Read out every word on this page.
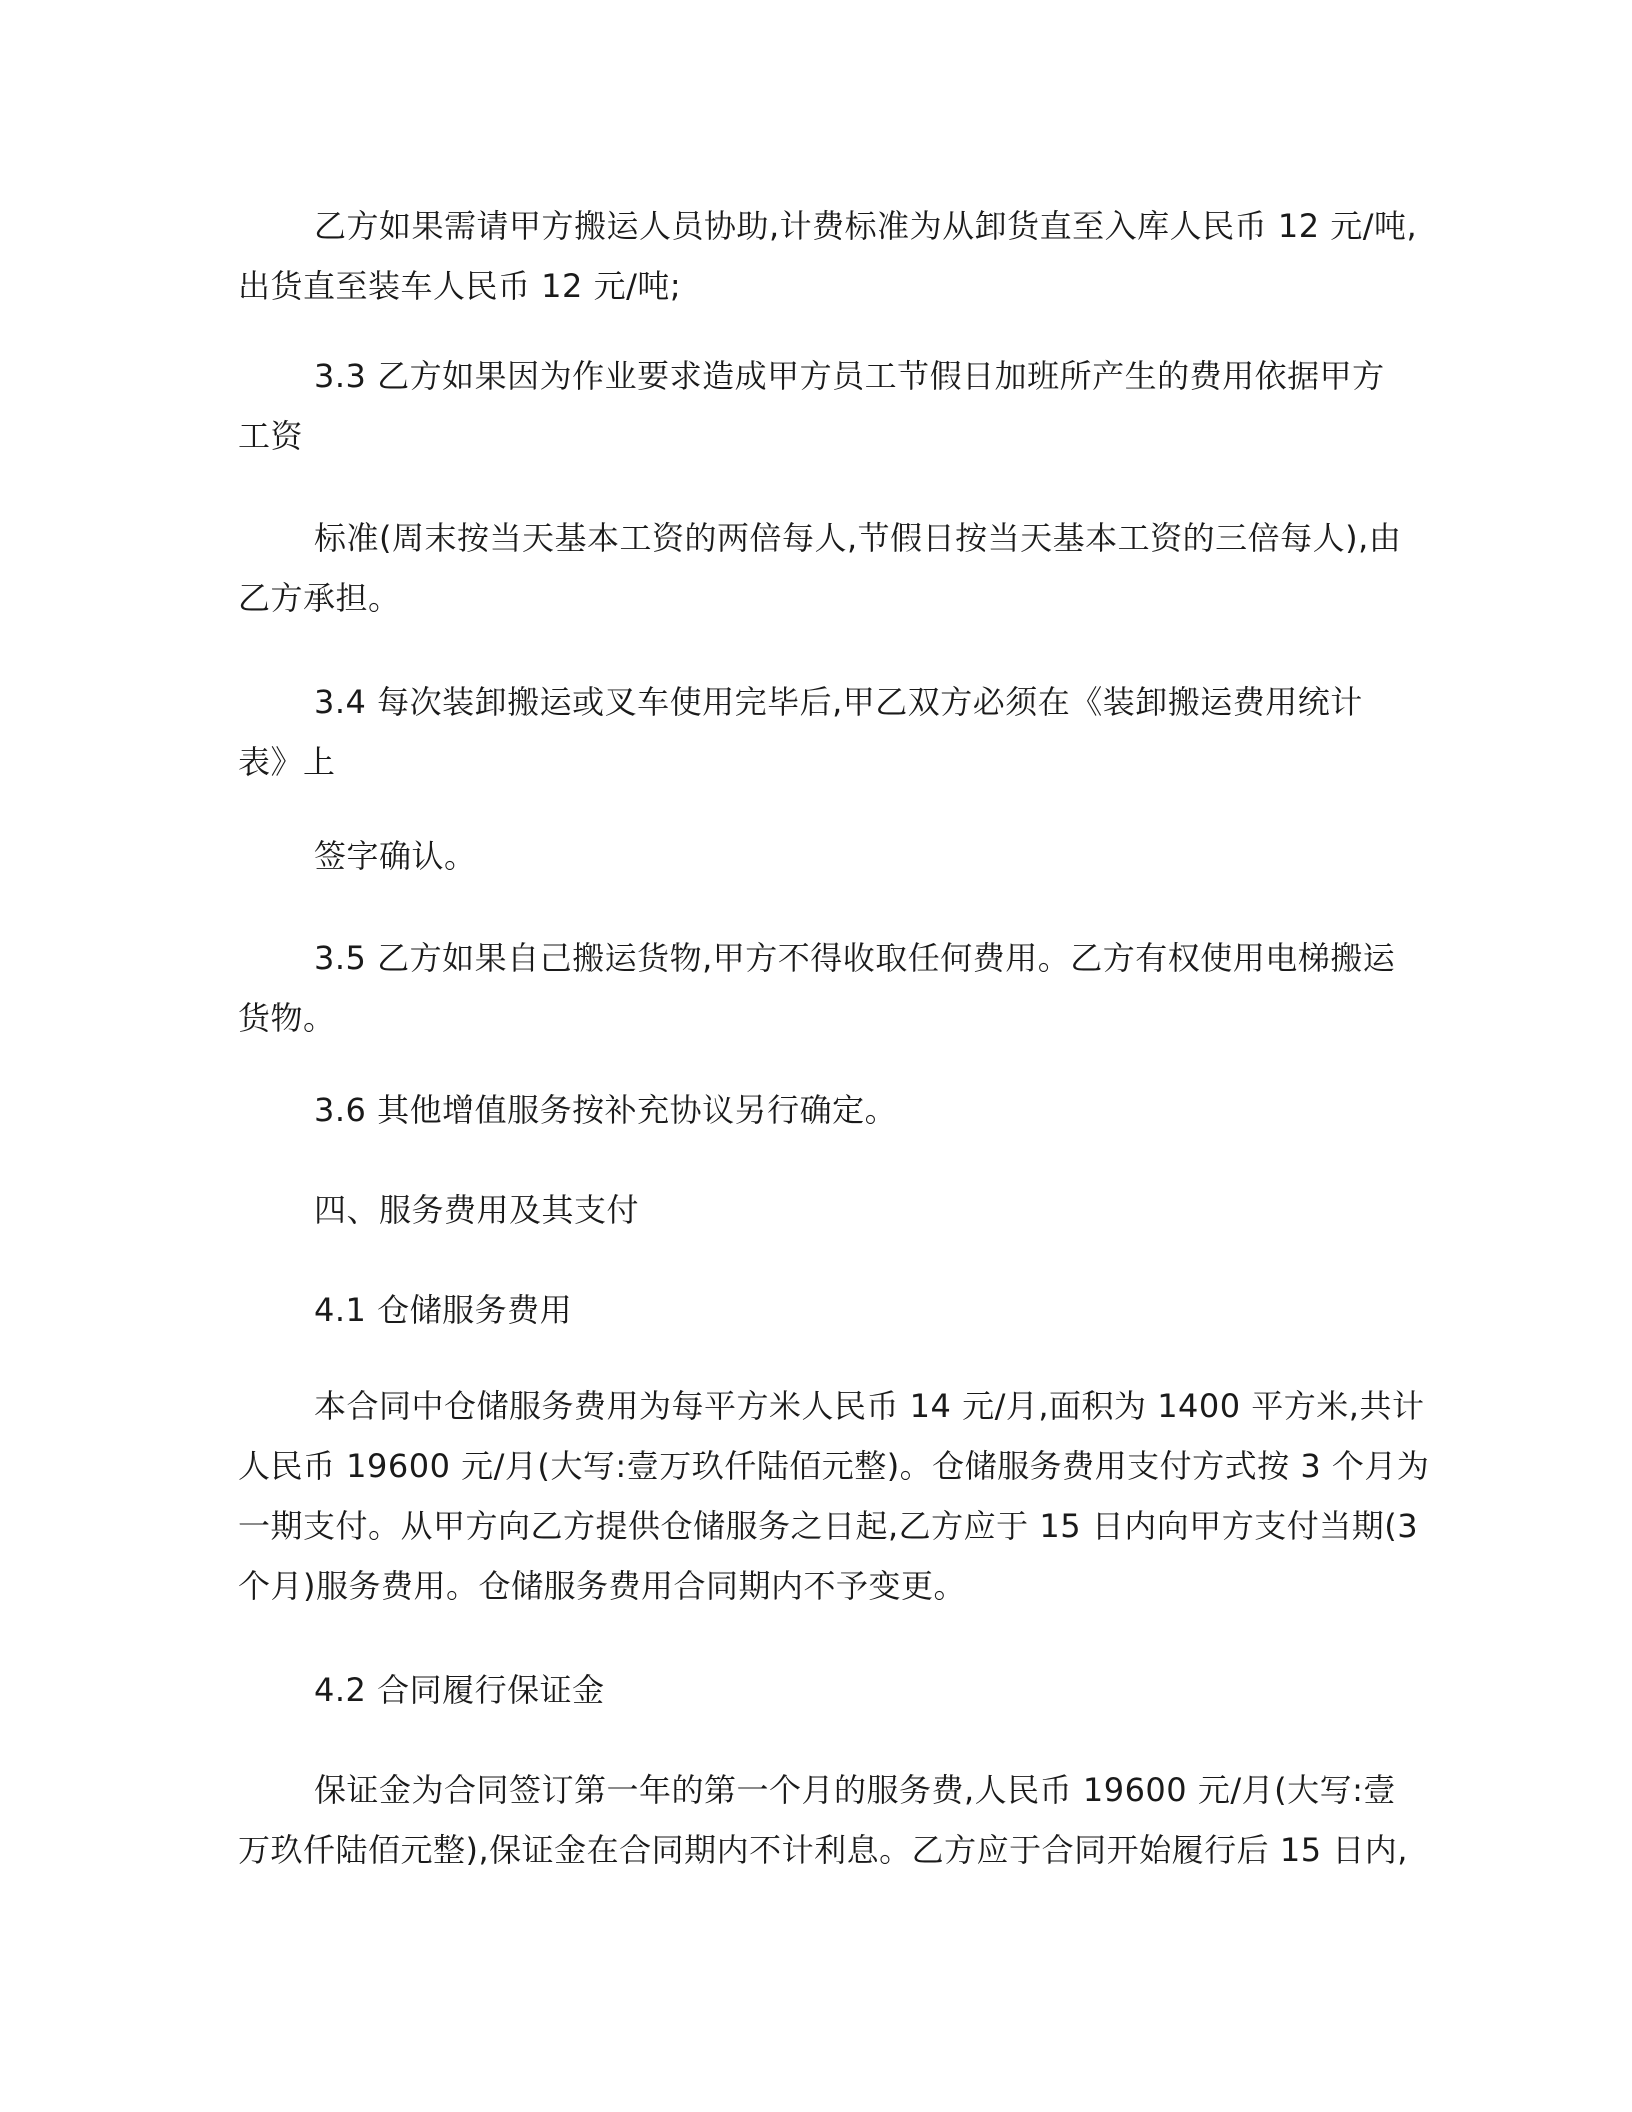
乙方如果需请甲方搬运人员协助,计费标准为从卸货直至入库人民币 12 元/吨,
出货直至装车人民币 12 元/吨;

3.3 乙方如果因为作业要求造成甲方员工节假日加班所产生的费用依据甲方
工资

标准(周末按当天基本工资的两倍每人,节假日按当天基本工资的三倍每人),由
乙方承担。

3.4 每次装卸搬运或叉车使用完毕后,甲乙双方必须在《装卸搬运费用统计
表》上

签字确认。

3.5 乙方如果自己搬运货物,甲方不得收取任何费用。乙方有权使用电梯搬运
货物。

3.6 其他增值服务按补充协议另行确定。

四、服务费用及其支付

4.1 仓储服务费用

本合同中仓储服务费用为每平方米人民币 14 元/月,面积为 1400 平方米,共计
人民币 19600 元/月(大写:壹万玖仟陆佰元整)。仓储服务费用支付方式按 3 个月为
一期支付。从甲方向乙方提供仓储服务之日起,乙方应于 15 日内向甲方支付当期(3
个月)服务费用。仓储服务费用合同期内不予变更。

4.2 合同履行保证金

保证金为合同签订第一年的第一个月的服务费,人民币 19600 元/月(大写:壹
万玖仟陆佰元整),保证金在合同期内不计利息。乙方应于合同开始履行后 15 日内,
